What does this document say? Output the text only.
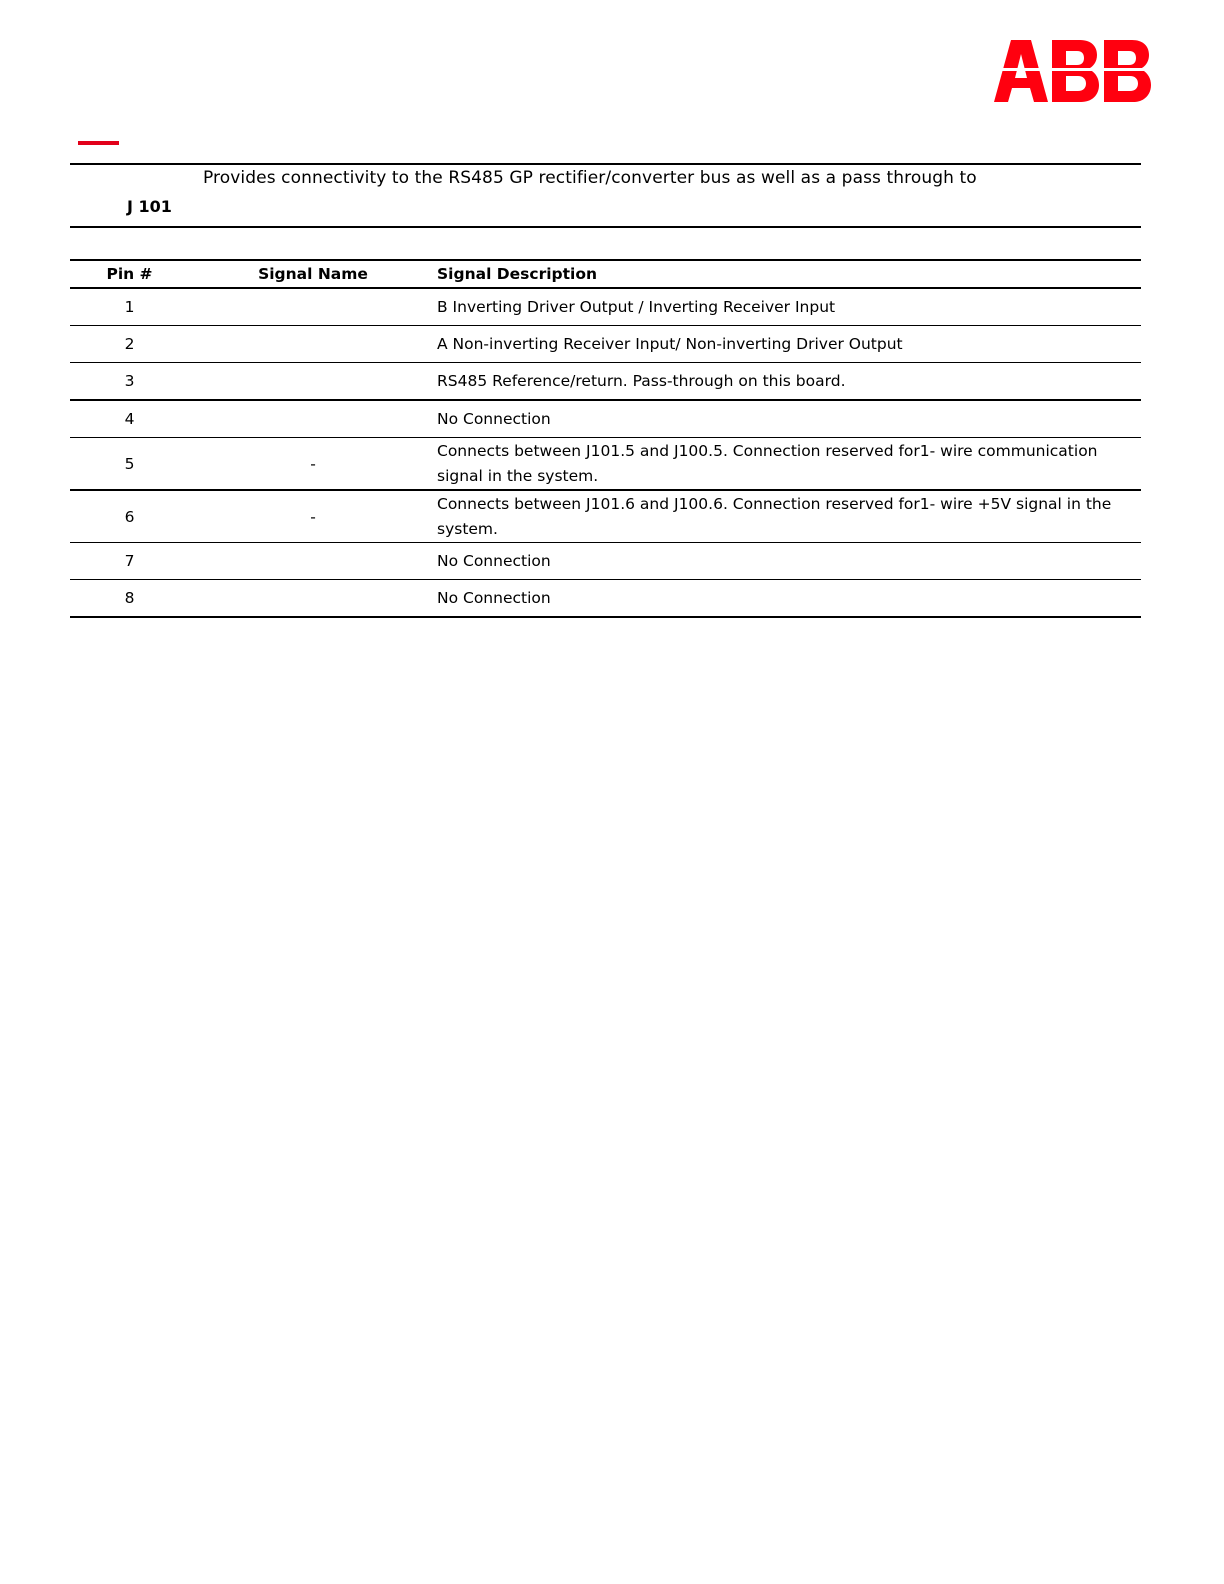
Provides connectivity to the RS485 GP rectifier/converter bus as well as a pass through to
J 101
Pin #	Signal Name	Signal Description
1		B Inverting Driver Output / Inverting Receiver Input
2		A Non-inverting Receiver Input/ Non-inverting Driver Output
3		RS485 Reference/return. Pass-through on this board.
4		No Connection
5	-	Connects between J101.5 and J100.5. Connection reserved for1- wire communication signal in the system.
6	-	Connects between J101.6 and J100.6. Connection reserved for1- wire +5V signal in the system.
7		No Connection
8		No Connection
